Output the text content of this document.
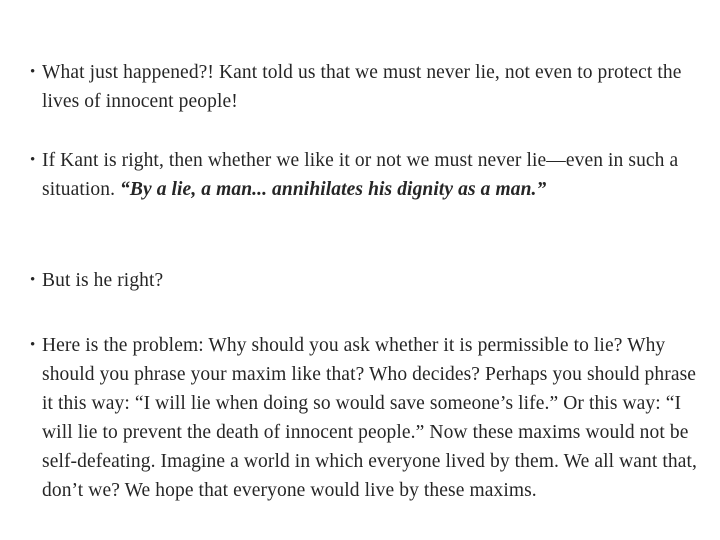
• What just happened?! Kant told us that we must never lie, not even to protect the lives of innocent people!
• If Kant is right, then whether we like it or not we must never lie—even in such a situation. “By a lie, a man... annihilates his dignity as a man.”
• But is he right?
• Here is the problem: Why should you ask whether it is permissible to lie? Why should you phrase your maxim like that? Who decides? Perhaps you should phrase it this way: “I will lie when doing so would save someone’s life.” Or this way: “I will lie to prevent the death of innocent people.” Now these maxims would not be self-defeating. Imagine a world in which everyone lived by them. We all want that, don’t we? We hope that everyone would live by these maxims.
